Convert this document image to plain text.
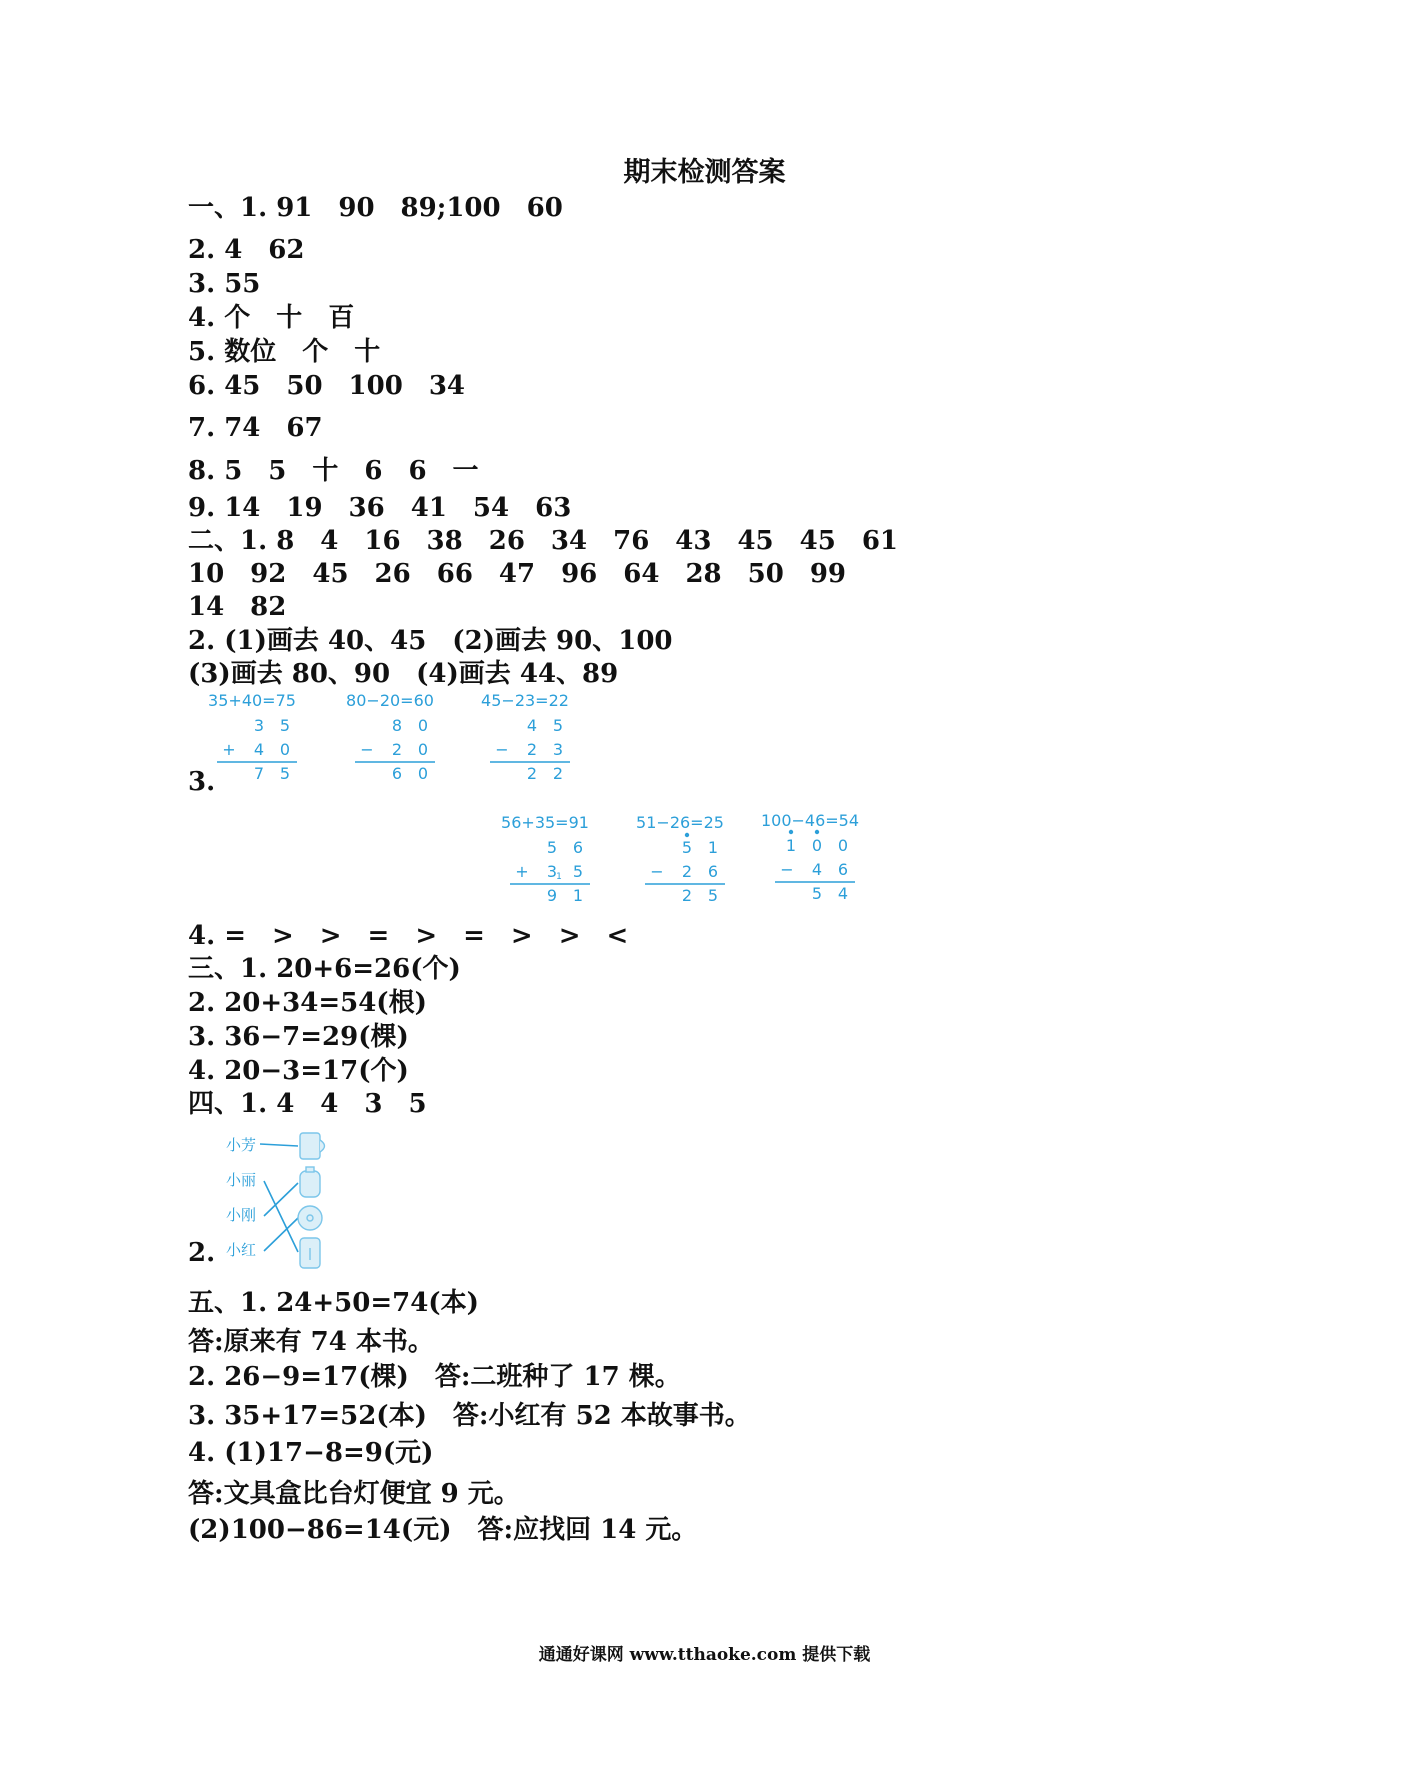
期末检测答案

一、1. 91　90　89;100　60

2. 4　62

3. 55

4. 个　十　百

5. 数位　个　十

6. 45　50　100　34

7. 74　67

8. 5　5　十　6　6　一

9. 14　19　36　41　54　63

二、1. 8　4　16　38　26　34　76　43　45　45　61

10　92　45　26　66　47　96　64　28　50　99

14　82

2. (1)画去 40、45　(2)画去 90、100

(3)画去 80、90　(4)画去 44、89

3.

35+40=75
3 5
+ 4 0
7 5
80−20=60
8 0
− 2 0
6 0
45−23=22
4 5
− 2 3
2 2
56+35=91
5 6
+ 3 5
1
9 1
51−26=25
5 1
− 2 6
2 5
100−46=54
1 0 0
− 4 6
5 4

4. =　>　>　=　>　=　>　>　<

三、1. 20+6=26(个)

2. 20+34=54(根)

3. 36−7=29(棵)

4. 20−3=17(个)

四、1. 4　4　3　5

小芳
小丽
小刚
小红

2.

五、1. 24+50=74(本)

答:原来有 74 本书。

2. 26−9=17(棵)　答:二班种了 17 棵。

3. 35+17=52(本)　答:小红有 52 本故事书。

4. (1)17−8=9(元)

答:文具盒比台灯便宜 9 元。

(2)100−86=14(元)　答:应找回 14 元。

通通好课网 www.tthaoke.com 提供下载
